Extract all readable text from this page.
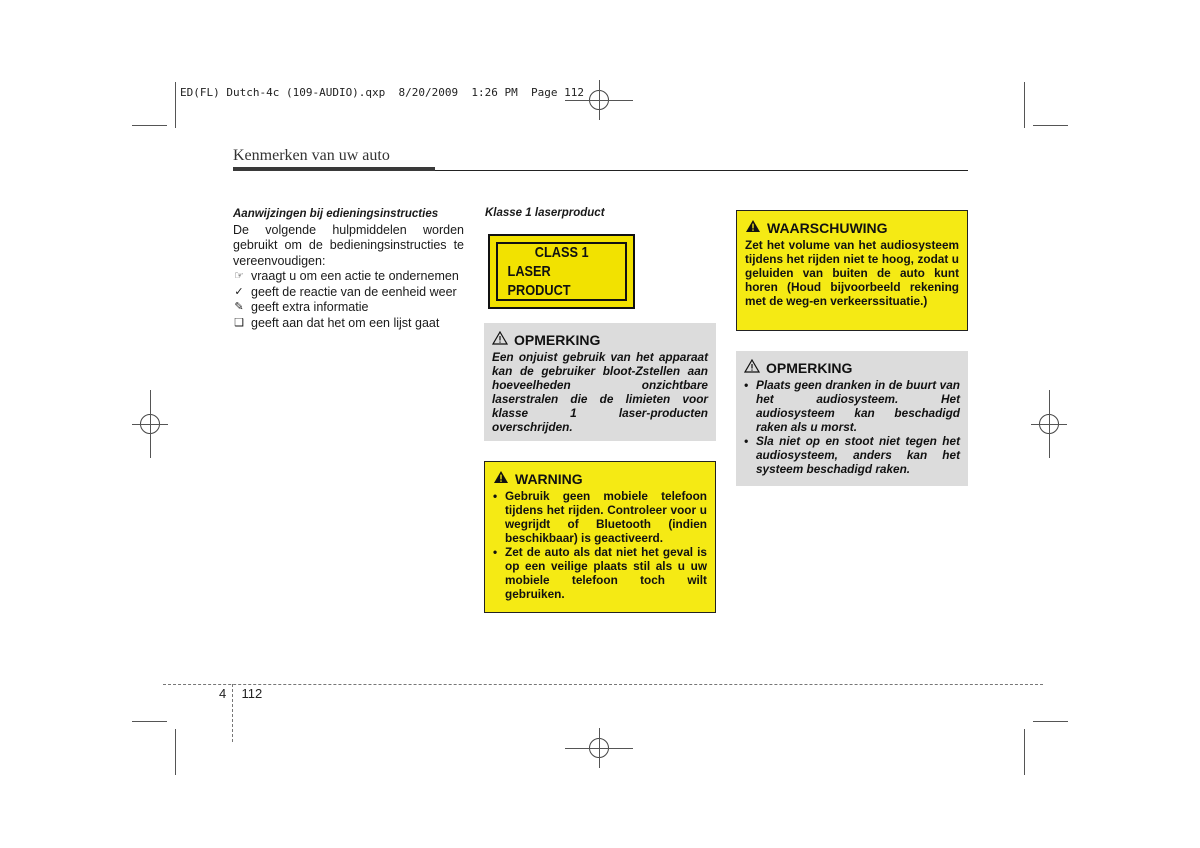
ED(FL) Dutch-4c (109-AUDIO).qxp  8/20/2009  1:26 PM  Page 112
Kenmerken van uw auto
Aanwijzingen bij edieningsinstructies
De volgende hulpmiddelen worden gebruikt om de bedieningsinstructies te vereenvoudigen:
☞ vraagt u om een actie te ondernemen
✓ geeft de reactie van de eenheid weer
✎ geeft extra informatie
❑ geeft aan dat het om een lijst gaat
Klasse 1 laserproduct
CLASS 1
LASER PRODUCT
OPMERKING
Een onjuist gebruik van het apparaat kan de gebruiker bloot-Zstellen aan hoeveelheden onzichtbare laserstralen die de limieten voor klasse 1 laser-producten overschrijden.
WARNING
• Gebruik geen mobiele telefoon tijdens het rijden. Controleer voor u wegrijdt of Bluetooth (indien beschikbaar) is geactiveerd.
• Zet de auto als dat niet het geval is op een veilige plaats stil als u uw mobiele telefoon toch wilt gebruiken.
WAARSCHUWING
Zet het volume van het audiosysteem tijdens het rijden niet te hoog, zodat u geluiden van buiten de auto kunt horen (Houd bijvoorbeeld rekening met de weg-en verkeerssituatie.)
OPMERKING
• Plaats geen dranken in de buurt van het audiosysteem. Het audiosysteem kan beschadigd raken als u morst.
• Sla niet op en stoot niet tegen het audiosysteem, anders kan het systeem beschadigd raken.
4 112
